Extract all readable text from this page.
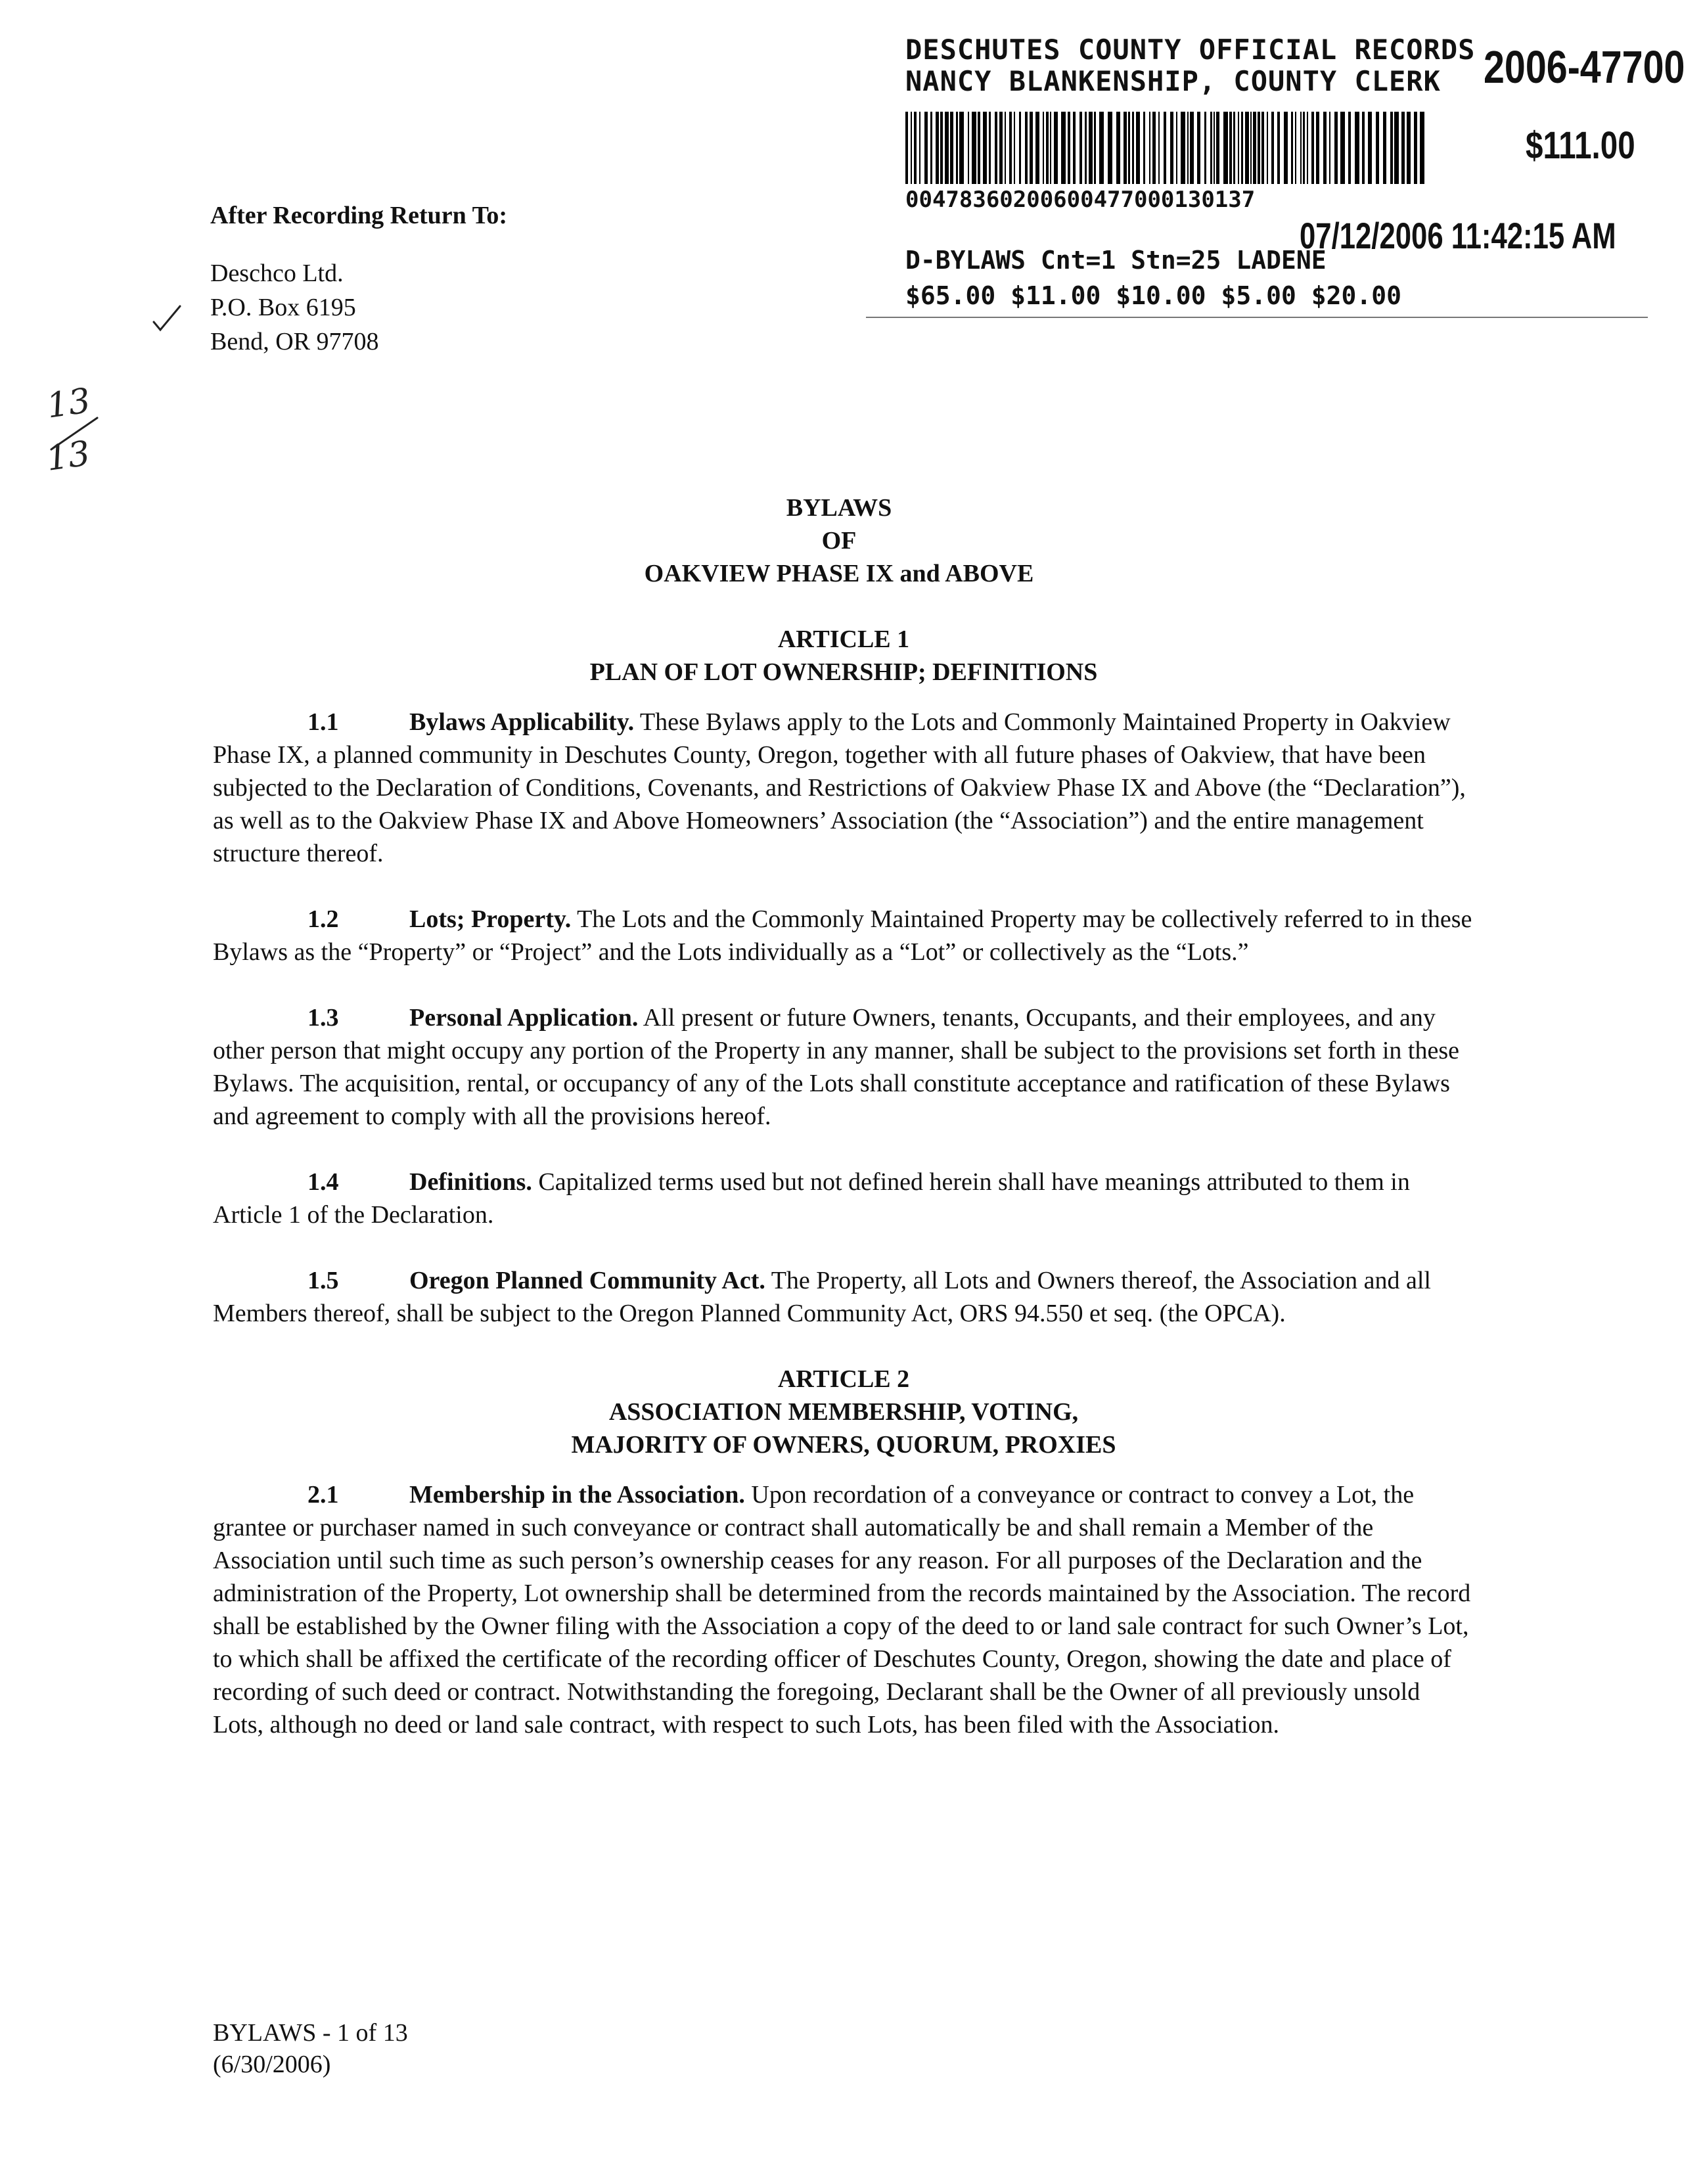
DESCHUTES COUNTY OFFICIAL RECORDS
NANCY BLANKENSHIP, COUNTY CLERK 2006-47700
$111.00
00478360200600477000130137
07/12/2006 11:42:15 AM
D-BYLAWS Cnt=1 Stn=25 LADENE
$65.00 $11.00 $10.00 $5.00 $20.00
After Recording Return To:
Deschco Ltd.
P.O. Box 6195
Bend, OR 97708
13
13
BYLAWS
OF
OAKVIEW PHASE IX and ABOVE
ARTICLE 1
PLAN OF LOT OWNERSHIP; DEFINITIONS
1.1	Bylaws Applicability. These Bylaws apply to the Lots and Commonly Maintained Property in Oakview Phase IX, a planned community in Deschutes County, Oregon, together with all future phases of Oakview, that have been subjected to the Declaration of Conditions, Covenants, and Restrictions of Oakview Phase IX and Above (the “Declaration”), as well as to the Oakview Phase IX and Above Homeowners’ Association (the “Association”) and the entire management structure thereof.
1.2	Lots; Property. The Lots and the Commonly Maintained Property may be collectively referred to in these Bylaws as the “Property” or “Project” and the Lots individually as a “Lot” or collectively as the “Lots.”
1.3	Personal Application. All present or future Owners, tenants, Occupants, and their employees, and any other person that might occupy any portion of the Property in any manner, shall be subject to the provisions set forth in these Bylaws. The acquisition, rental, or occupancy of any of the Lots shall constitute acceptance and ratification of these Bylaws and agreement to comply with all the provisions hereof.
1.4	Definitions. Capitalized terms used but not defined herein shall have meanings attributed to them in Article 1 of the Declaration.
1.5	Oregon Planned Community Act. The Property, all Lots and Owners thereof, the Association and all Members thereof, shall be subject to the Oregon Planned Community Act, ORS 94.550 et seq. (the OPCA).
ARTICLE 2
ASSOCIATION MEMBERSHIP, VOTING,
MAJORITY OF OWNERS, QUORUM, PROXIES
2.1	Membership in the Association. Upon recordation of a conveyance or contract to convey a Lot, the grantee or purchaser named in such conveyance or contract shall automatically be and shall remain a Member of the Association until such time as such person’s ownership ceases for any reason. For all purposes of the Declaration and the administration of the Property, Lot ownership shall be determined from the records maintained by the Association. The record shall be established by the Owner filing with the Association a copy of the deed to or land sale contract for such Owner’s Lot, to which shall be affixed the certificate of the recording officer of Deschutes County, Oregon, showing the date and place of recording of such deed or contract. Notwithstanding the foregoing, Declarant shall be the Owner of all previously unsold Lots, although no deed or land sale contract, with respect to such Lots, has been filed with the Association.
BYLAWS - 1 of 13
(6/30/2006)
